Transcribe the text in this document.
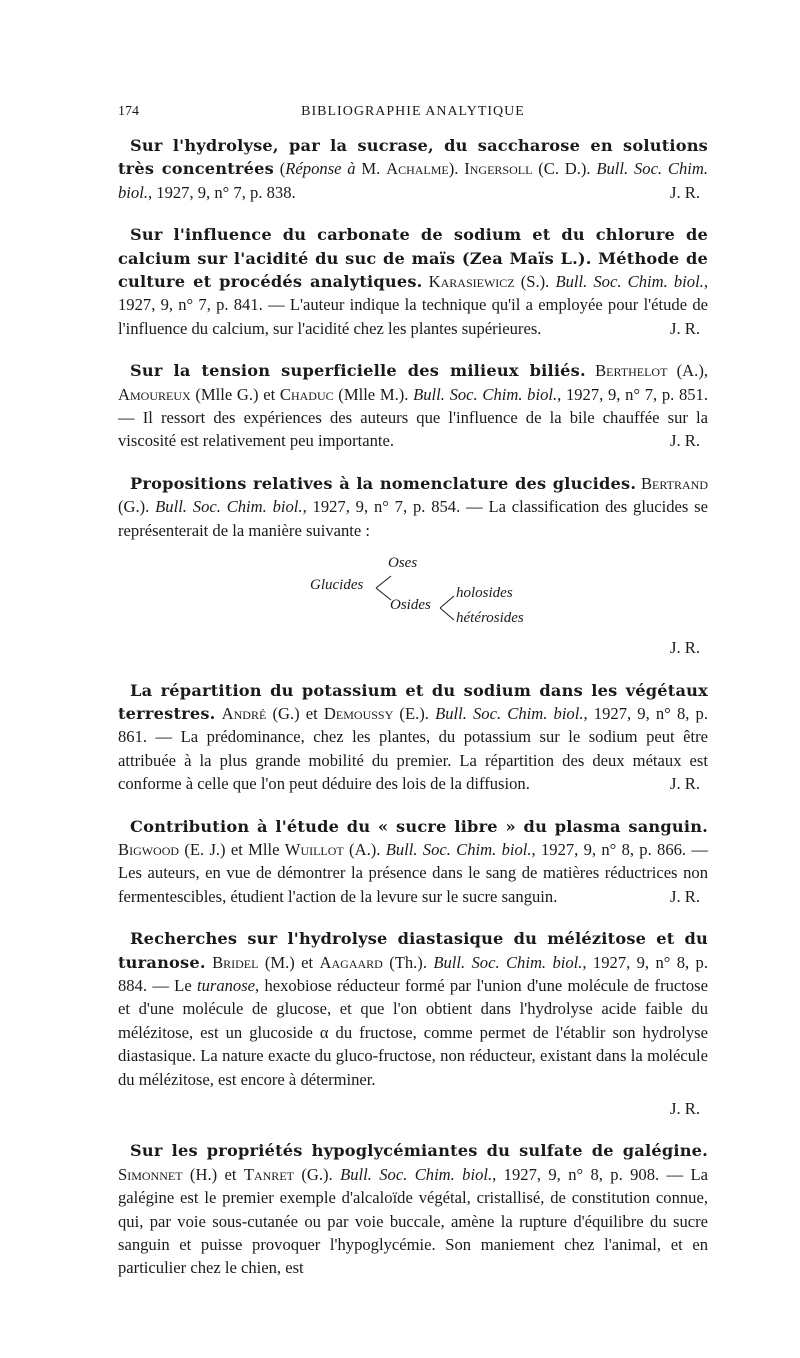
174	BIBLIOGRAPHIE ANALYTIQUE

Sur l'hydrolyse, par la sucrase, du saccharose en solutions très concentrées (Réponse à M. Achalme). Ingersoll (C. D.). Bull. Soc. Chim. biol., 1927, 9, n° 7, p. 838.	J. R.

Sur l'influence du carbonate de sodium et du chlorure de calcium sur l'acidité du suc de maïs (Zea Maïs L.). Méthode de culture et procédés analytiques. Karasiewicz (S.). Bull. Soc. Chim. biol., 1927, 9, n° 7, p. 841. — L'auteur indique la technique qu'il a employée pour l'étude de l'influence du calcium, sur l'acidité chez les plantes supérieures.	J. R.

Sur la tension superficielle des milieux biliés. Berthelot (A.), Amoureux (Mlle G.) et Chaduc (Mlle M.). Bull. Soc. Chim. biol., 1927, 9, n° 7, p. 851. — Il ressort des expériences des auteurs que l'influence de la bile chauffée sur la viscosité est relativement peu importante.	J. R.

Propositions relatives à la nomenclature des glucides. Bertrand (G.). Bull. Soc. Chim. biol., 1927, 9, n° 7, p. 854. — La classification des glucides se représenterait de la manière suivante :

Oses
Glucides
Osides
holosides
hétérosides
J. R.

La répartition du potassium et du sodium dans les végétaux terrestres. André (G.) et Demoussy (E.). Bull. Soc. Chim. biol., 1927, 9, n° 8, p. 861. — La prédominance, chez les plantes, du potassium sur le sodium peut être attribuée à la plus grande mobilité du premier. La répartition des deux métaux est conforme à celle que l'on peut déduire des lois de la diffusion.	J. R.

Contribution à l'étude du « sucre libre » du plasma sanguin. Bigwood (E. J.) et Mlle Wuillot (A.). Bull. Soc. Chim. biol., 1927, 9, n° 8, p. 866. — Les auteurs, en vue de démontrer la présence dans le sang de matières réductrices non fermentescibles, étudient l'action de la levure sur le sucre sanguin.	J. R.

Recherches sur l'hydrolyse diastasique du mélézitose et du turanose. Bridel (M.) et Aagaard (Th.). Bull. Soc. Chim. biol., 1927, 9, n° 8, p. 884. — Le turanose, hexobiose réducteur formé par l'union d'une molécule de fructose et d'une molécule de glucose, et que l'on obtient dans l'hydrolyse acide faible du mélézitose, est un glucoside α du fructose, comme permet de l'établir son hydrolyse diastasique. La nature exacte du gluco-fructose, non réducteur, existant dans la molécule du mélézitose, est encore à déterminer.

J. R.

Sur les propriétés hypoglycémiantes du sulfate de galégine. Simonnet (H.) et Tanret (G.). Bull. Soc. Chim. biol., 1927, 9, n° 8, p. 908. — La galégine est le premier exemple d'alcaloïde végétal, cristallisé, de constitution connue, qui, par voie sous-cutanée ou par voie buccale, amène la rupture d'équilibre du sucre sanguin et puisse provoquer l'hypoglycémie. Son maniement chez l'animal, et en particulier chez le chien, est
